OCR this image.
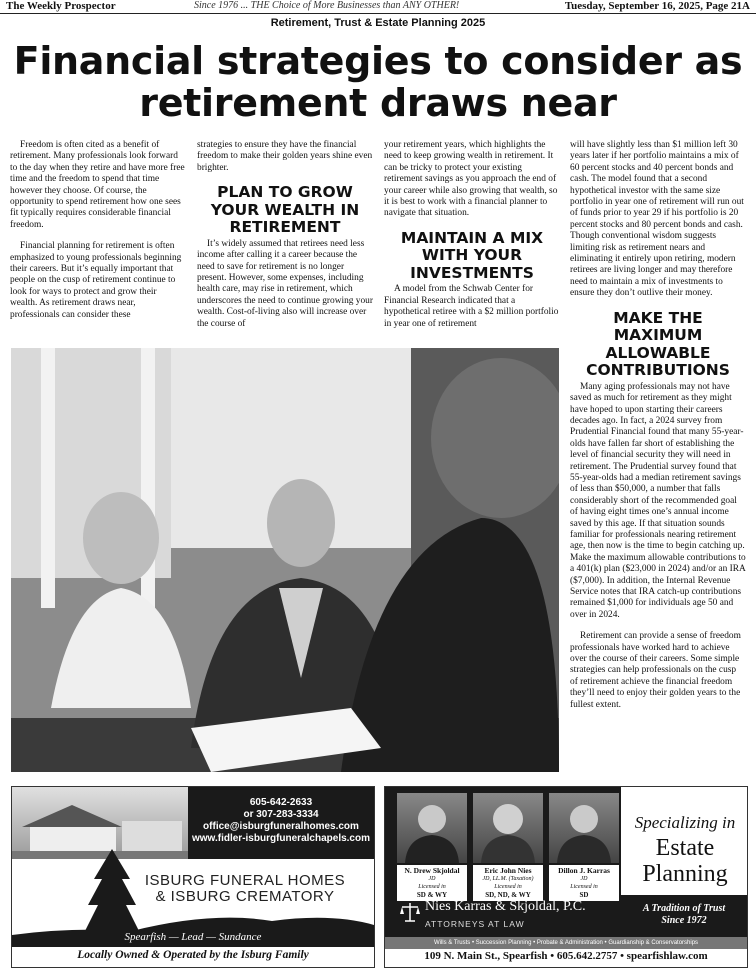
The Weekly Prospector	Since 1976 ... THE Choice of More Businesses than ANY OTHER!	Tuesday, September 16, 2025, Page 21A
Retirement, Trust & Estate Planning 2025
Financial strategies to consider as
retirement draws near

Freedom is often cited as a benefit of retirement. Many professionals look forward to the day when they retire and have more free time and the freedom to spend that time however they choose. Of course, the opportunity to spend retirement how one sees fit typically requires considerable financial freedom.

Financial planning for retirement is often emphasized to young professionals beginning their careers. But it’s equally important that people on the cusp of retirement continue to look for ways to protect and grow their wealth. As retirement draws near, professionals can consider these

strategies to ensure they have the financial freedom to make their golden years shine even brighter.

PLAN TO GROW YOUR WEALTH IN RETIREMENT

It’s widely assumed that retirees need less income after calling it a career because the need to save for retirement is no longer present. However, some expenses, including health care, may rise in retirement, which underscores the need to continue growing your wealth. Cost-of-living also will increase over the course of

your retirement years, which highlights the need to keep growing wealth in retirement. It can be tricky to protect your existing retirement savings as you approach the end of your career while also growing that wealth, so it is best to work with a financial planner to navigate that situation.

MAINTAIN A MIX WITH YOUR INVESTMENTS

A model from the Schwab Center for Financial Research indicated that a hypothetical retiree with a $2 million portfolio in year one of retirement

will have slightly less than $1 million left 30 years later if her portfolio maintains a mix of 60 percent stocks and 40 percent bonds and cash. The model found that a second hypothetical investor with the same size portfolio in year one of retirement will run out of funds prior to year 29 if his portfolio is 20 percent stocks and 80 percent bonds and cash. Though conventional wisdom suggests limiting risk as retirement nears and eliminating it entirely upon retiring, modern retirees are living longer and may therefore need to maintain a mix of investments to ensure they don’t outlive their money.

MAKE THE MAXIMUM ALLOWABLE CONTRIBUTIONS

Many aging professionals may not have saved as much for retirement as they might have hoped to upon starting their careers decades ago. In fact, a 2024 survey from Prudential Financial found that many 55-year-olds have fallen far short of establishing the level of financial security they will need in retirement. The Prudential survey found that 55-year-olds had a median retirement savings of less than $50,000, a number that falls considerably short of the recommended goal of having eight times one’s annual income saved by this age. If that situation sounds familiar for professionals nearing retirement age, then now is the time to begin catching up. Make the maximum allowable contributions to a 401(k) plan ($23,000 in 2024) and/or an IRA ($7,000). In addition, the Internal Revenue Service notes that IRA catch-up contributions remained $1,000 for individuals age 50 and over in 2024.

Retirement can provide a sense of freedom professionals have worked hard to achieve over the course of their careers. Some simple strategies can help professionals on the cusp of retirement achieve the financial freedom they’ll need to enjoy their golden years to the fullest extent.

605-642-2633
or 307-283-3334
office@isburgfuneralhomes.com
www.fidler-isburgfuneralchapels.com
ISBURG FUNERAL HOMES
& ISBURG CREMATORY
Spearfish — Lead — Sundance
Locally Owned & Operated by the Isburg Family
N. Drew Skjoldal
JD
Licensed in
SD & WY
Eric John Nies
JD, LL.M. (Taxation)
Licensed in
SD, ND, & WY
Dillon J. Karras
JD
Licensed in
SD
Specializing in
Estate
Planning
Nies Karras & Skjoldal, P.C.
ATTORNEYS AT LAW
A Tradition of Trust
Since 1972
Wills & Trusts • Succession Planning • Probate & Administration • Guardianship & Conservatorships
109 N. Main St., Spearfish • 605.642.2757 • spearfishlaw.com
